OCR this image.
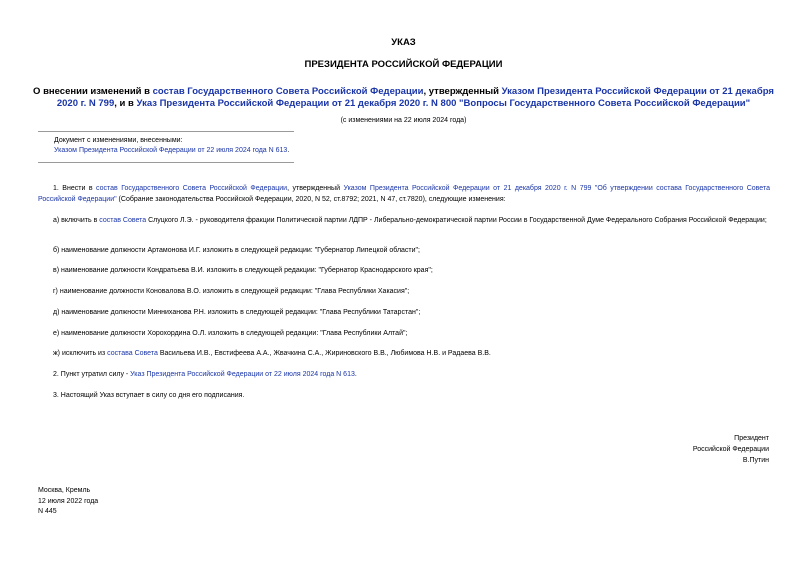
УКАЗ
ПРЕЗИДЕНТА РОССИЙСКОЙ ФЕДЕРАЦИИ
О внесении изменений в состав Государственного Совета Российской Федерации, утвержденный Указом Президента Российской Федерации от 21 декабря 2020 г. N 799, и в Указ Президента Российской Федерации от 21 декабря 2020 г. N 800 "Вопросы Государственного Совета Российской Федерации"
(с изменениями на 22 июля 2024 года)
Документ с изменениями, внесенными:
Указом Президента Российской Федерации от 22 июля 2024 года N 613.
1. Внести в состав Государственного Совета Российской Федерации, утвержденный Указом Президента Российской Федерации от 21 декабря 2020 г. N 799 "Об утверждении состава Государственного Совета Российской Федерации" (Собрание законодательства Российской Федерации, 2020, N 52, ст.8792; 2021, N 47, ст.7820), следующие изменения:
а) включить в состав Совета Слуцкого Л.Э. - руководителя фракции Политической партии ЛДПР - Либерально-демократической партии России в Государственной Думе Федерального Собрания Российской Федерации;
б) наименование должности Артамонова И.Г. изложить в следующей редакции: "Губернатор Липецкой области";
в) наименование должности Кондратьева В.И. изложить в следующей редакции: "Губернатор Краснодарского края";
г) наименование должности Коновалова В.О. изложить в следующей редакции: "Глава Республики Хакасия";
д) наименование должности Минниханова Р.Н. изложить в следующей редакции: "Глава Республики Татарстан";
е) наименование должности Хорохордина О.Л. изложить в следующей редакции: "Глава Республики Алтай";
ж) исключить из состава Совета Васильева И.В., Евстифеева А.А., Жвачкина С.А., Жириновского В.В., Любимова Н.В. и Радаева В.В.
2. Пункт утратил силу - Указ Президента Российской Федерации от 22 июля 2024 года N 613.
3. Настоящий Указ вступает в силу со дня его подписания.
Президент
Российской Федерации
В.Путин
Москва, Кремль
12 июля 2022 года
N 445
